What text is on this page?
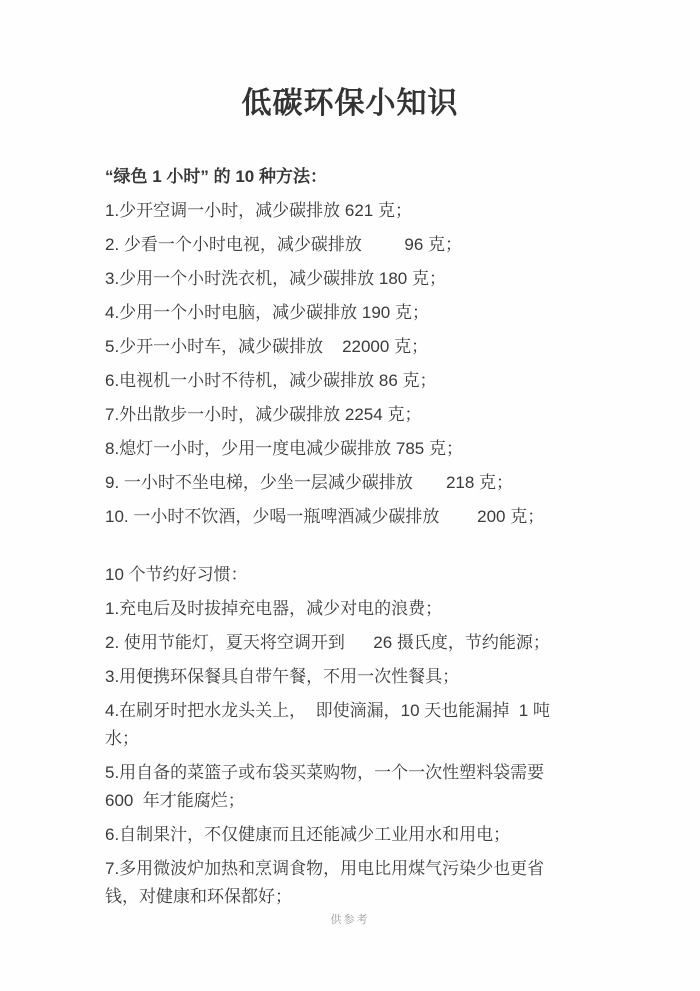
低碳环保小知识

“绿色 1 小时” 的 10 种方法：

1.少开空调一小时，减少碳排放 621 克；

2. 少看一个小时电视，减少碳排放         96 克；

3.少用一个小时洗衣机，减少碳排放 180 克；

4.少用一个小时电脑，减少碳排放 190 克；

5.少开一小时车，减少碳排放    22000 克；

6.电视机一小时不待机，减少碳排放 86 克；

7.外出散步一小时，减少碳排放 2254 克；

8.熄灯一小时，少用一度电减少碳排放 785 克；

9. 一小时不坐电梯，少坐一层减少碳排放       218 克；

10. 一小时不饮酒，少喝一瓶啤酒减少碳排放        200 克；

10 个节约好习惯：

1.充电后及时拔掉充电器，减少对电的浪费；

2. 使用节能灯，夏天将空调开到      26 摄氏度，节约能源；

3.用便携环保餐具自带午餐，不用一次性餐具；

4.在刷牙时把水龙头关上，  即使滴漏，10 天也能漏掉  1 吨水；

5.用自备的菜篮子或布袋买菜购物，一个一次性塑料袋需要 600  年才能腐烂；

6.自制果汁，不仅健康而且还能减少工业用水和用电；

7.多用微波炉加热和烹调食物，用电比用煤气污染少也更省钱，对健康和环保都好；

供参考
